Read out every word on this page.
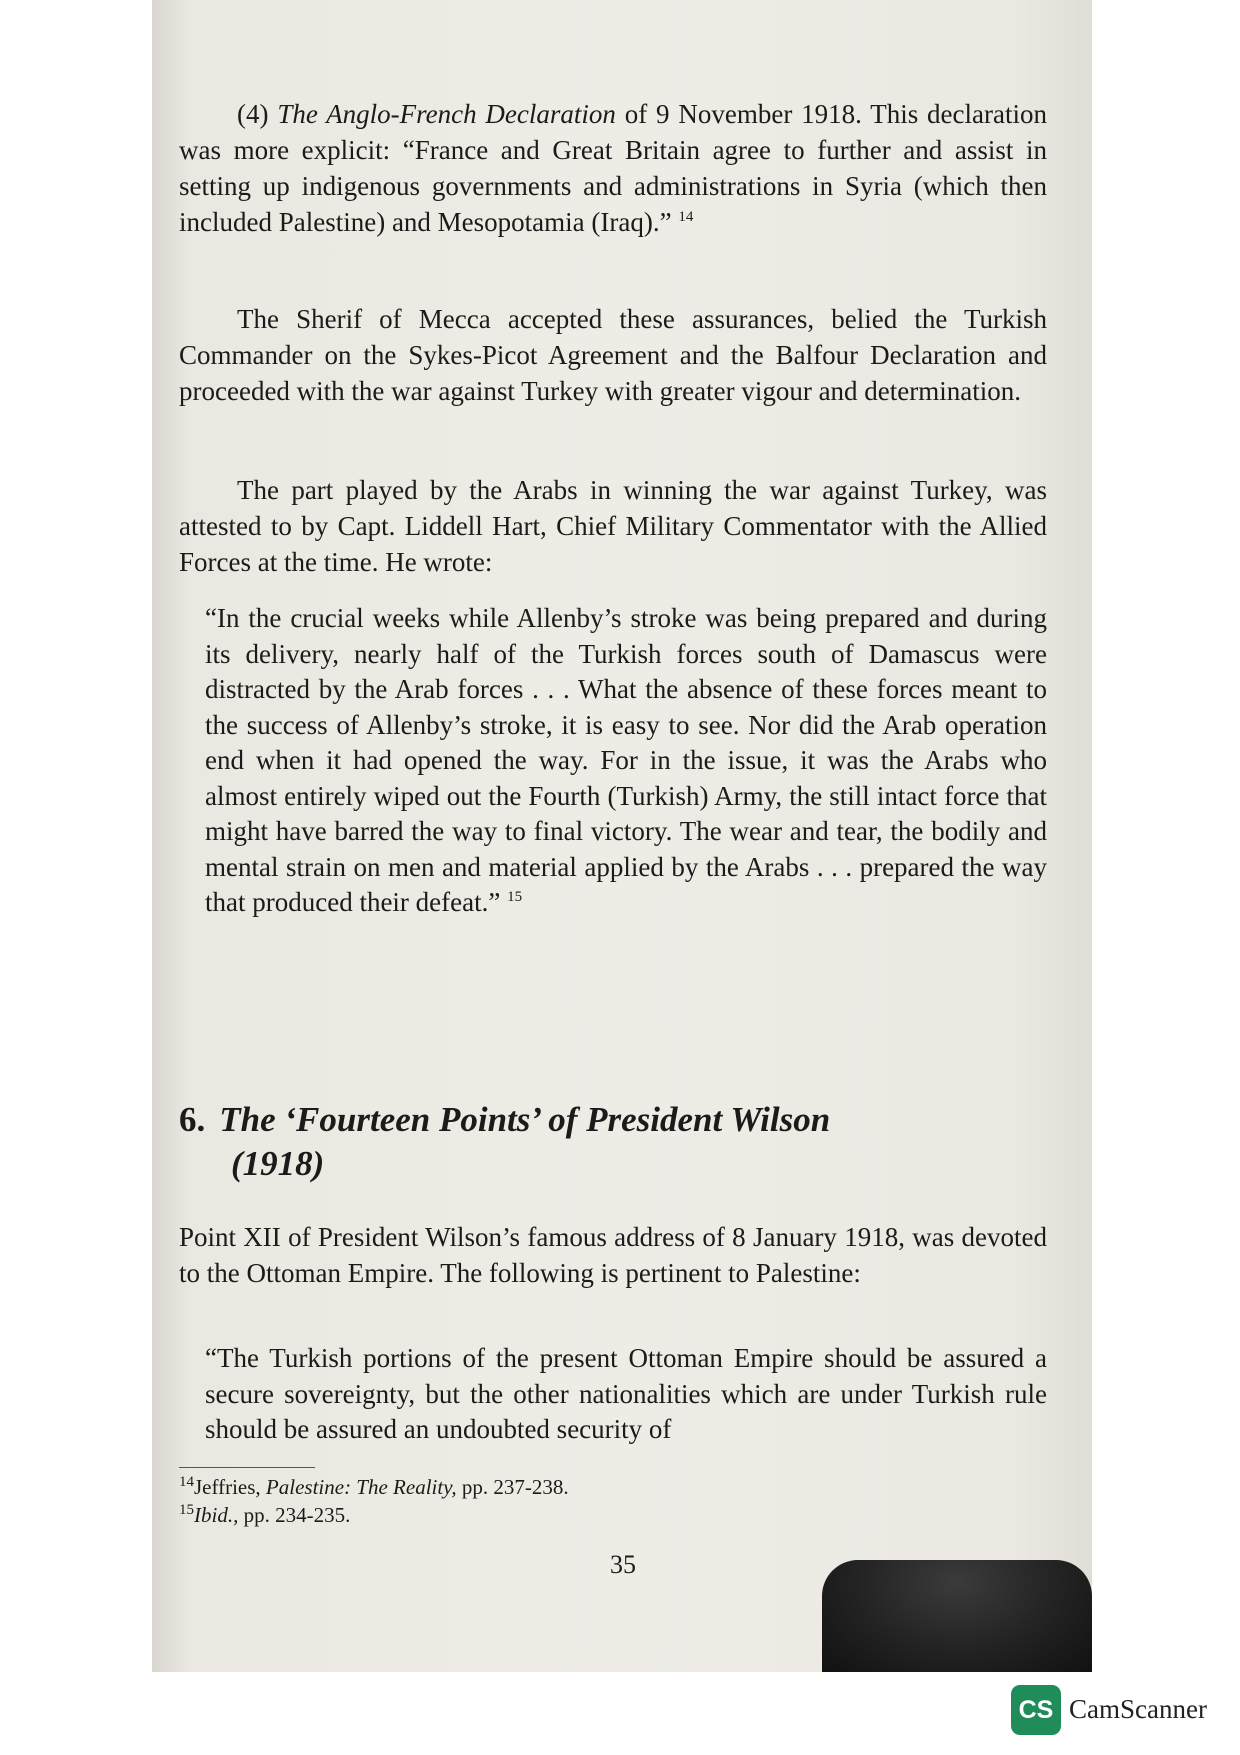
(4) The Anglo-French Declaration of 9 November 1918. This declaration was more explicit: “France and Great Britain agree to further and assist in setting up indigenous governments and administrations in Syria (which then included Palestine) and Mesopotamia (Iraq).” $^{14}$
The Sherif of Mecca accepted these assurances, belied the Turkish Commander on the Sykes-Picot Agreement and the Balfour Declaration and proceeded with the war against Turkey with greater vigour and determination.
The part played by the Arabs in winning the war against Turkey, was attested to by Capt. Liddell Hart, Chief Military Commentator with the Allied Forces at the time. He wrote:
“In the crucial weeks while Allenby’s stroke was being prepared and during its delivery, nearly half of the Turkish forces south of Damascus were distracted by the Arab forces . . . What the absence of these forces meant to the success of Allenby’s stroke, it is easy to see. Nor did the Arab operation end when it had opened the way. For in the issue, it was the Arabs who almost entirely wiped out the Fourth (Turkish) Army, the still intact force that might have barred the way to final victory. The wear and tear, the bodily and mental strain on men and material applied by the Arabs . . . prepared the way that produced their defeat.” $^{15}$
6. The ‘Fourteen Points’ of President Wilson
(1918)
Point XII of President Wilson’s famous address of 8 January 1918, was devoted to the Ottoman Empire. The following is pertinent to Palestine:
“The Turkish portions of the present Ottoman Empire should be assured a secure sovereignty, but the other nationalities which are under Turkish rule should be assured an undoubted security of
$^{14}$Jeffries, Palestine: The Reality, pp. 237-238.
$^{15}$Ibid., pp. 234-235.
35
CS CamScanner
